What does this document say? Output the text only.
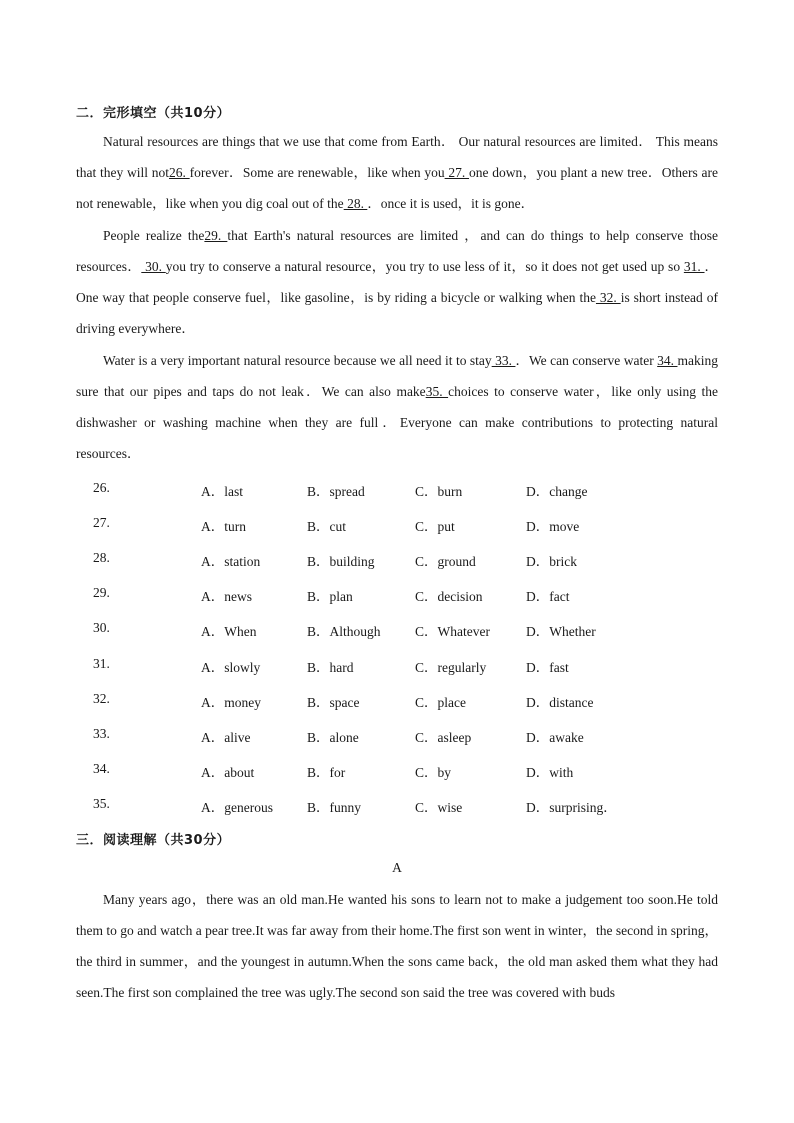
二．完形填空（共10分）
Natural resources are things that we use that come from Earth． Our natural resources are limited． This means that they will not26. forever．Some are renewable，like when you 27. one down，you plant a new tree．Others are not renewable，like when you dig coal out of the 28. ．once it is used，it is gone．
People realize the29. that Earth's natural resources are limited ，and can do things to help conserve those resources． 30. you try to conserve a natural resource，you try to use less of it，so it does not get used up so 31. ．One way that people conserve fuel，like gasoline，is by riding a bicycle or walking when the 32. is short instead of driving everywhere．
Water is a very important natural resource because we all need it to stay 33. ．We can conserve water 34. making sure that our pipes and taps do not leak．We can also make35. choices to conserve water，like only using the dishwasher or washing machine when they are full．Everyone can make contributions to protecting natural resources．
26.	A．last	B．spread	C．burn	D．change
27.	A．turn	B．cut	C．put	D．move
28.	A．station	B．building	C．ground	D．brick
29.	A．news	B．plan	C．decision	D．fact
30.	A．When	B．Although	C．Whatever	D．Whether
31.	A．slowly	B．hard	C．regularly	D．fast
32.	A．money	B．space	C．place	D．distance
33.	A．alive	B．alone	C．asleep	D．awake
34.	A．about	B．for	C．by	D．with
35.	A．generous	B．funny	C．wise	D．surprising．
三．阅读理解（共30分）
A
Many years ago，there was an old man.He wanted his sons to learn not to make a judgement too soon.He told them to go and watch a pear tree.It was far away from their home.The first son went in winter，the second in spring，the third in summer，and the youngest in autumn.When the sons came back，the old man asked them what they had seen.The first son complained the tree was ugly.The second son said the tree was covered with buds
